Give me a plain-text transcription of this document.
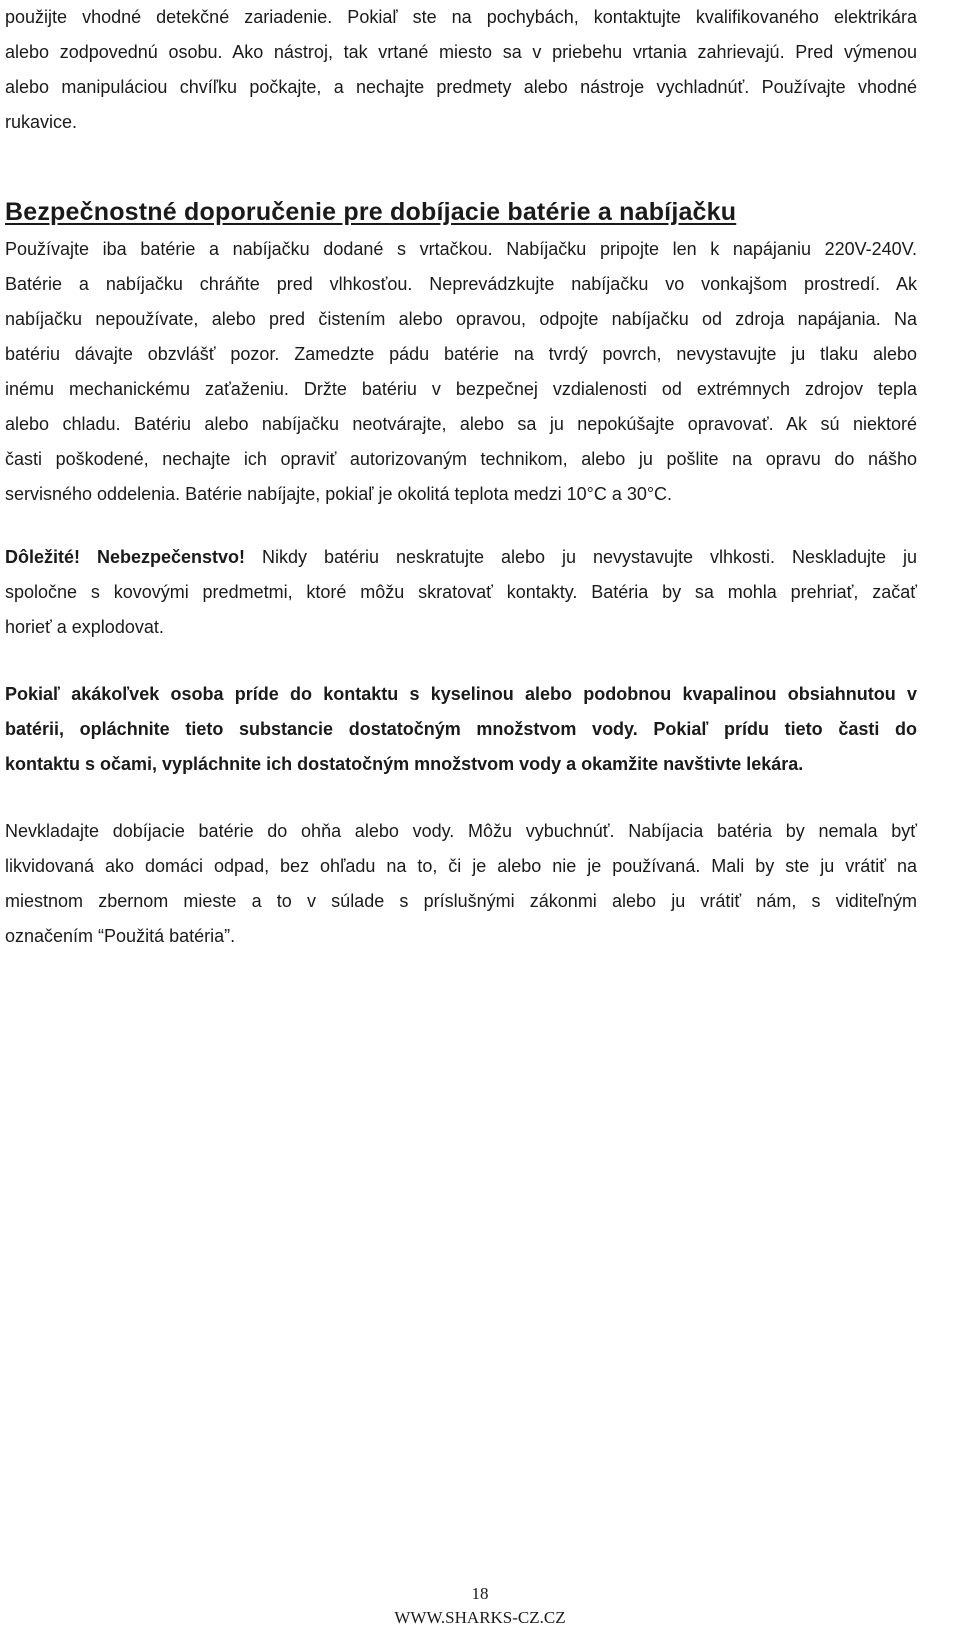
použijte vhodné detekčné zariadenie. Pokiaľ ste na pochybách, kontaktujte kvalifikovaného elektrikára
alebo zodpovednú osobu. Ako nástroj, tak vrtané miesto sa v priebehu vrtania zahrievajú. Pred výmenou
alebo manipuláciou chvíľku počkajte, a nechajte predmety alebo nástroje vychladnúť. Používajte vhodné
rukavice.
Bezpečnostné doporučenie pre dobíjacie batérie a nabíjačku
Používajte iba batérie a nabíjačku dodané s vrtačkou. Nabíjačku pripojte len k napájaniu 220V-240V.
Batérie a nabíjačku chráňte pred vlhkosťou. Neprevádzkujte nabíjačku vo vonkajšom prostredí. Ak
nabíjačku nepoužívate, alebo pred čistením alebo opravou, odpojte nabíjačku od zdroja napájania. Na
batériu dávajte obzvlášť pozor. Zamedzte pádu batérie na tvrdý povrch, nevystavujte ju tlaku alebo
inému mechanickému zaťaženiu. Držte batériu v bezpečnej vzdialenosti od extrémnych zdrojov tepla
alebo chladu. Batériu alebo nabíjačku neotvárajte, alebo sa ju nepokúšajte opravovať. Ak sú niektoré
časti poškodené, nechajte ich opraviť autorizovaným technikom, alebo ju pošlite na opravu do nášho
servisného oddelenia. Batérie nabíjajte, pokiaľ je okolitá teplota medzi 10°C a 30°C.
Dôležité! Nebezpečenstvo! Nikdy batériu neskratujte alebo ju nevystavujte vlhkosti. Neskladujte ju
spoločne s kovovými predmetmi, ktoré môžu skratovať kontakty. Batéria by sa mohla prehriať, začať
horieť a explodovat.
Pokiaľ akákoľvek osoba príde do kontaktu s kyselinou alebo podobnou kvapalinou obsiahnutou v
batérii, opláchnite tieto substancie dostatočným množstvom vody. Pokiaľ prídu tieto časti do
kontaktu s očami, vypláchnite ich dostatočným množstvom vody a okamžite navštivte lekára.
Nevkladajte dobíjacie batérie do ohňa alebo vody. Môžu vybuchnúť. Nabíjacia batéria by nemala byť
likvidovaná ako domáci odpad, bez ohľadu na to, či je alebo nie je používaná. Mali by ste ju vrátiť na
miestnom zbernom mieste a to v súlade s príslušnými zákonmi alebo ju vrátiť nám, s viditeľným
označením “Použitá batéria”.
18
WWW.SHARKS-CZ.CZ
